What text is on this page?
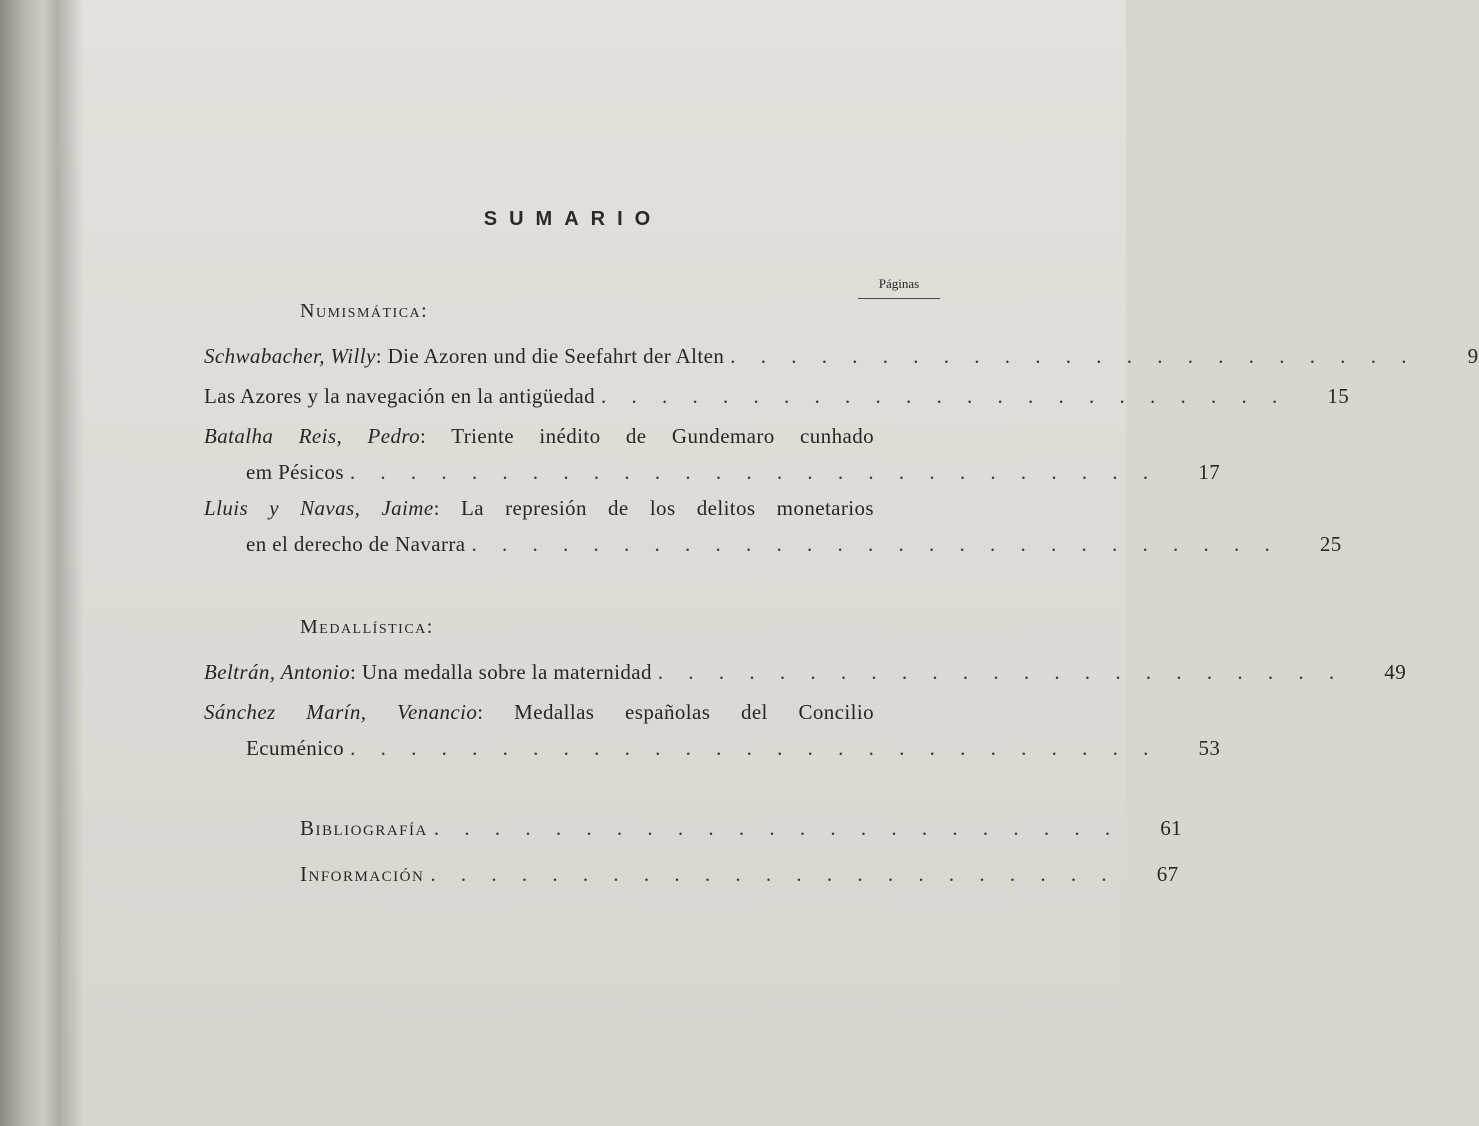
SUMARIO
Páginas
Numismática:
Schwabacher, Willy: Die Azoren und die Seefahrt der Alten . . . . . . . . . . . . . . . . . . . . . . .	9
Las Azores y la navegación en la antigüedad . . . . . . . . . . . . . . . . . . . . . . .	15
Batalha Reis, Pedro: Triente inédito de Gundemaro cunhado
em Pésicos . . . . . . . . . . . . . . . . . . . . . . . . . . .	17
Lluis y Navas, Jaime: La represión de los delitos monetarios
en el derecho de Navarra . . . . . . . . . . . . . . . . . . . . . . . . . . .	25
Medallística:
Beltrán, Antonio: Una medalla sobre la maternidad . . . . . . . . . . . . . . . . . . . . . . .	49
Sánchez Marín, Venancio: Medallas españolas del Concilio
Ecuménico . . . . . . . . . . . . . . . . . . . . . . . . . . .	53
Bibliografía . . . . . . . . . . . . . . . . . . . . . . .	61
Información . . . . . . . . . . . . . . . . . . . . . . .	67
